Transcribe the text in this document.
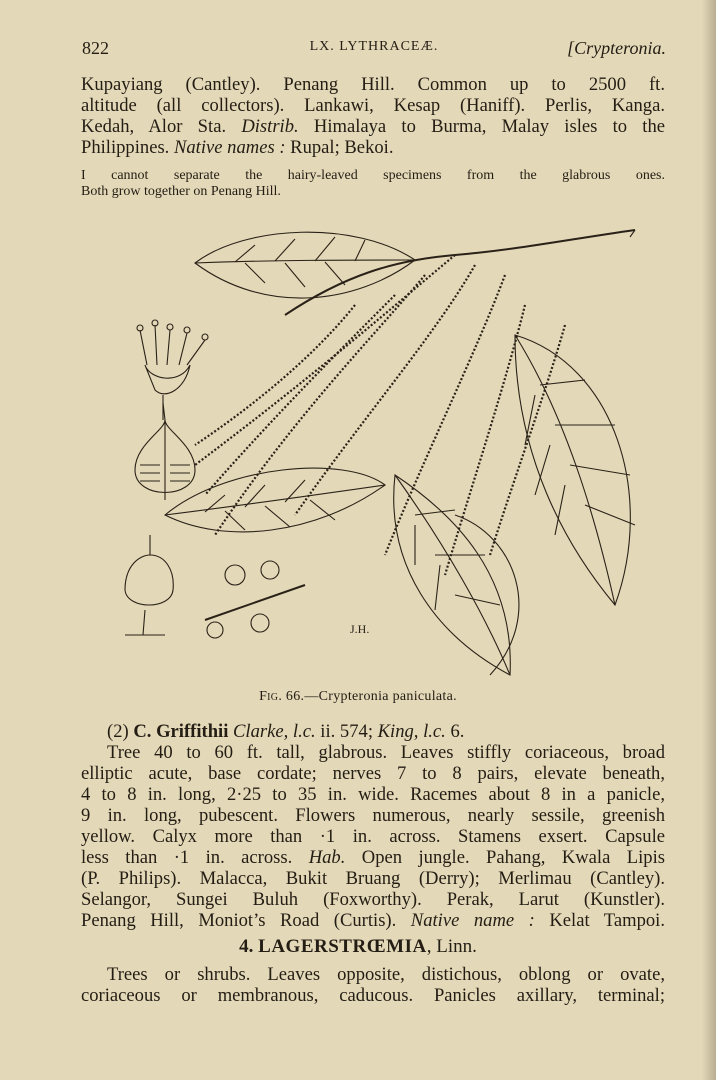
822	LX. LYTHRACEÆ.	[Crypteronia.
Kupayiang (Cantley). Penang Hill. Common up to 2500 ft.
altitude (all collectors). Lankawi, Kesap (Haniff). Perlis, Kanga.
Kedah, Alor Sta. Distrib. Himalaya to Burma, Malay isles to the
Philippines. Native names : Rupal; Bekoi.
I cannot separate the hairy-leaved specimens from the glabrous ones.
Both grow together on Penang Hill.
J.H.
Fig. 66.—Crypteronia paniculata.
(2) C. Griffithii Clarke, l.c. ii. 574; King, l.c. 6.
Tree 40 to 60 ft. tall, glabrous. Leaves stiffly coriaceous, broad
elliptic acute, base cordate; nerves 7 to 8 pairs, elevate beneath,
4 to 8 in. long, 2·25 to 35 in. wide. Racemes about 8 in a panicle,
9 in. long, pubescent. Flowers numerous, nearly sessile, greenish
yellow. Calyx more than ·1 in. across. Stamens exsert. Capsule
less than ·1 in. across. Hab. Open jungle. Pahang, Kwala Lipis
(P. Philips). Malacca, Bukit Bruang (Derry); Merlimau (Cantley).
Selangor, Sungei Buluh (Foxworthy). Perak, Larut (Kunstler).
Penang Hill, Moniot’s Road (Curtis). Native name : Kelat Tampoi.
4. LAGERSTRŒMIA, Linn.
Trees or shrubs. Leaves opposite, distichous, oblong or ovate,
coriaceous or membranous, caducous. Panicles axillary, terminal;
